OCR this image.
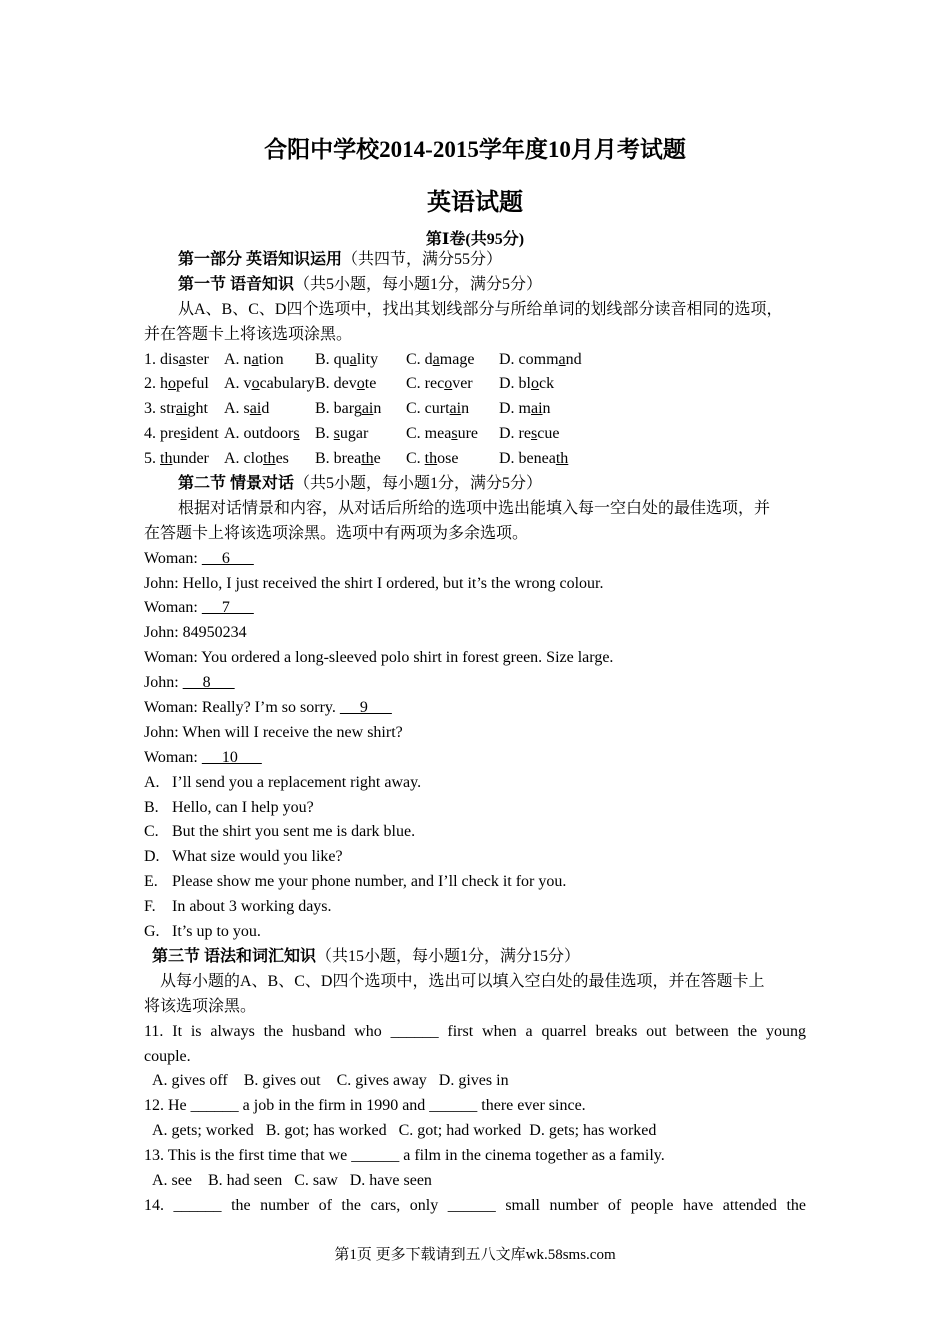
合阳中学校2014-2015学年度10月月考试题
英语试题
第Ⅰ卷(共95分)
第一部分 英语知识运用（共四节，满分55分）
第一节 语音知识（共5小题，每小题1分，满分5分）
从A、B、C、D四个选项中，找出其划线部分与所给单词的划线部分读音相同的选项，
并在答题卡上将该选项涂黑。
1. disaster A. nation B. quality C. damage D. command
2. hopeful A. vocabularyB. devote C. recover D. block
3. straight A. said	B. bargain C. curtain D. main
4. president A. outdoors B. sugar C. measure D. rescue
5. thunder A. clothes B. breathe C. those	D. beneath
第二节 情景对话（共5小题，每小题1分，满分5分）
根据对话情景和内容，从对话后所给的选项中选出能填入每一空白处的最佳选项，并
在答题卡上将该选项涂黑。选项中有两项为多余选项。
Woman:      6
John: Hello, I just received the shirt I ordered, but it’s the wrong colour.
Woman:      7
John: 84950234
Woman: You ordered a long-sleeved polo shirt in forest green. Size large.
John:      8
Woman: Really? I’m so sorry.      9
John: When will I receive the new shirt?
Woman:      10
A. I’ll send you a replacement right away.
B. Hello, can I help you?
C. But the shirt you sent me is dark blue.
D. What size would you like?
E. Please show me your phone number, and I’ll check it for you.
F. In about 3 working days.
G. It’s up to you.
第三节 语法和词汇知识（共15小题，每小题1分，满分15分）
从每小题的A、B、C、D四个选项中，选出可以填入空白处的最佳选项，并在答题卡上
将该选项涂黑。
11. It is always the husband who ______ first when a quarrel breaks out between the young
couple.
A. gives off    B. gives out    C. gives away   D. gives in
12. He ______ a job in the firm in 1990 and ______ there ever since.
A. gets; worked   B. got; has worked   C. got; had worked  D. gets; has worked
13. This is the first time that we ______ a film in the cinema together as a family.
A. see    B. had seen   C. saw   D. have seen
14. ______ the number of the cars, only ______ small number of people have attended the
第1页 更多下载请到五八文库wk.58sms.com
